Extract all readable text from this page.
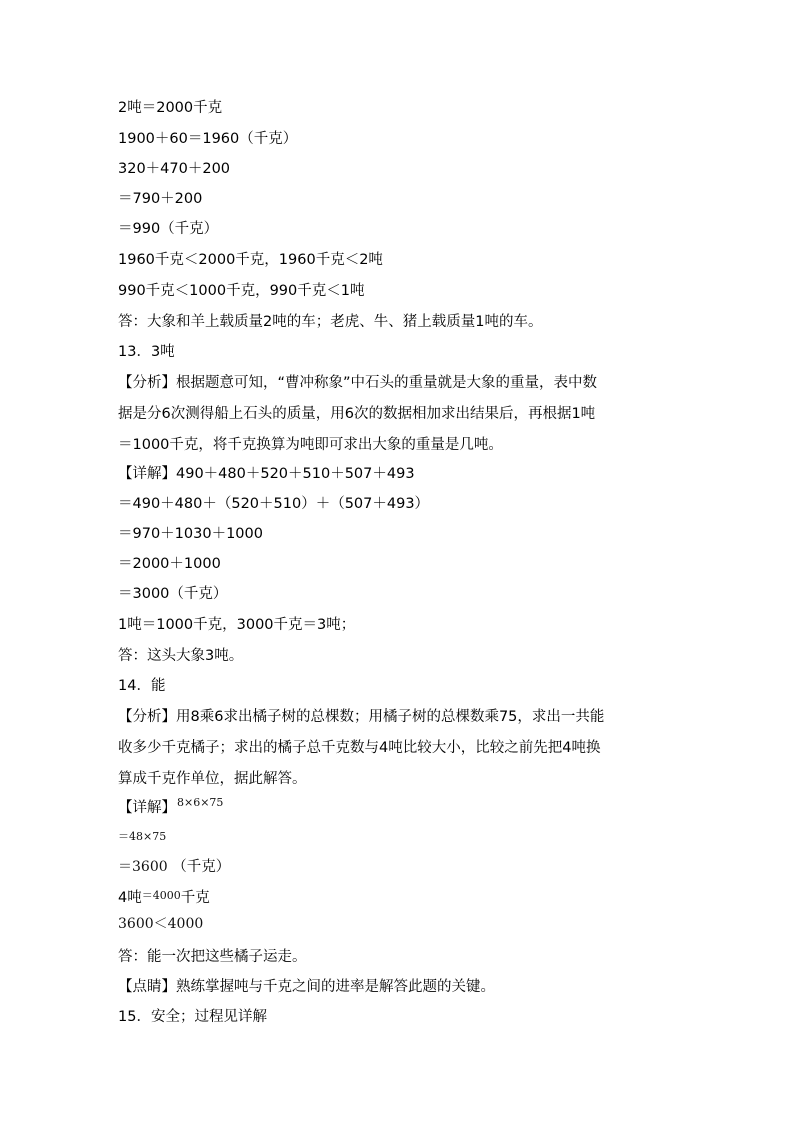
2吨＝2000千克
1900＋60＝1960（千克）
320＋470＋200
＝790＋200
＝990（千克）
1960千克＜2000千克，1960千克＜2吨
990千克＜1000千克，990千克＜1吨
答：大象和羊上载质量2吨的车；老虎、牛、猪上载质量1吨的车。
13．3吨
【分析】根据题意可知，“曹冲称象”中石头的重量就是大象的重量，表中数
据是分6次测得船上石头的质量，用6次的数据相加求出结果后，再根据1吨
＝1000千克，将千克换算为吨即可求出大象的重量是几吨。
【详解】490＋480＋520＋510＋507＋493
＝490＋480＋（520＋510）＋（507＋493）
＝970＋1030＋1000
＝2000＋1000
＝3000（千克）
1吨＝1000千克，3000千克＝3吨；
答：这头大象3吨。
14．能
【分析】用8乘6求出橘子树的总棵数；用橘子树的总棵数乘75，求出一共能
收多少千克橘子；求出的橘子总千克数与4吨比较大小，比较之前先把4吨换
算成千克作单位，据此解答。
【详解】8×6×75
＝48×75
＝3600 （千克）
4吨$^{=4000}$千克
3600＜4000
答：能一次把这些橘子运走。
【点睛】熟练掌握吨与千克之间的进率是解答此题的关键。
15．安全；过程见详解
